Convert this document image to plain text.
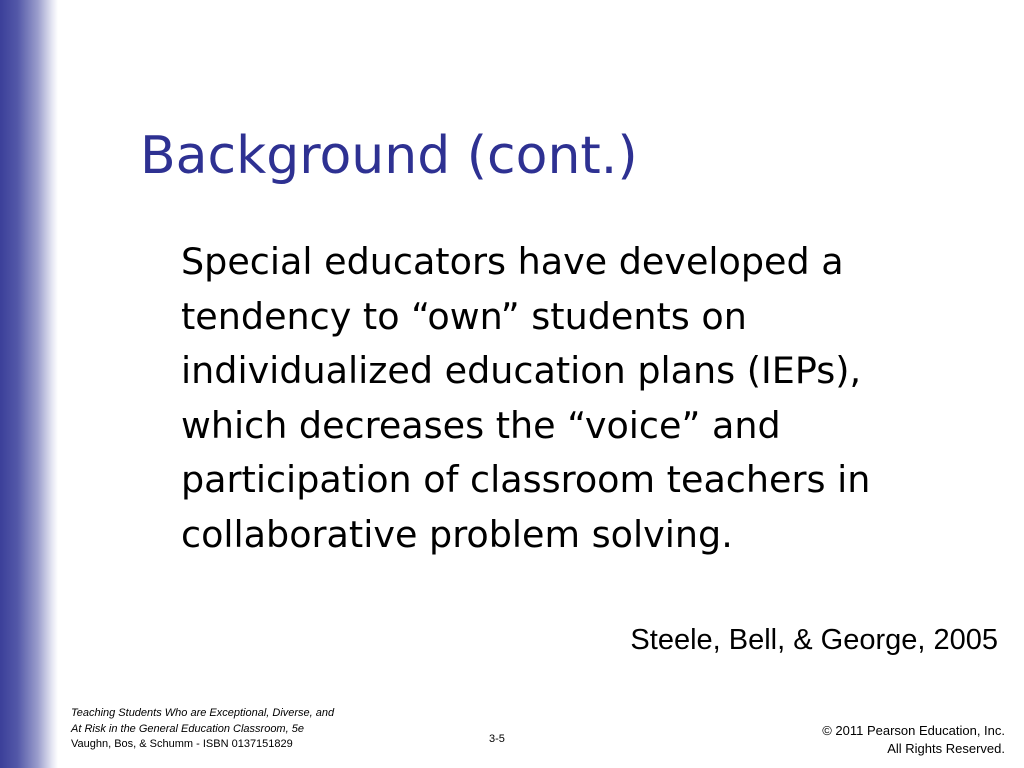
Background (cont.)

Special educators have developed a tendency to “own” students on individualized education plans (IEPs), which decreases the “voice” and participation of classroom teachers in collaborative problem solving.

Steele, Bell, & George, 2005

Teaching Students Who are Exceptional, Diverse, and
At Risk in the General Education Classroom, 5e
Vaughn, Bos, & Schumm - ISBN 0137151829	3-5
© 2011 Pearson Education, Inc.
All Rights Reserved.
